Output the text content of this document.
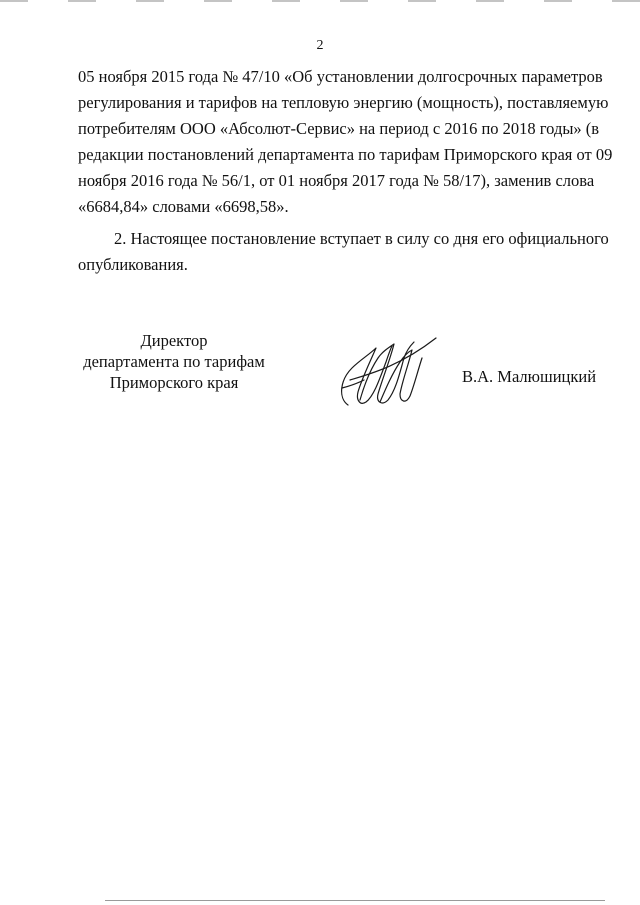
2
05 ноября 2015 года № 47/10 «Об установлении долгосрочных параметров
регулирования и тарифов на тепловую энергию (мощность), поставляемую
потребителям ООО «Абсолют-Сервис» на период с 2016 по 2018 годы» (в
редакции постановлений департамента по тарифам Приморского края от 09
ноября 2016 года № 56/1, от 01 ноября 2017 года № 58/17), заменив слова
«6684,84» словами «6698,58».
2. Настоящее постановление вступает в силу со дня его официального
опубликования.
Директор
департамента по тарифам
Приморского края	В.А. Малюшицкий
